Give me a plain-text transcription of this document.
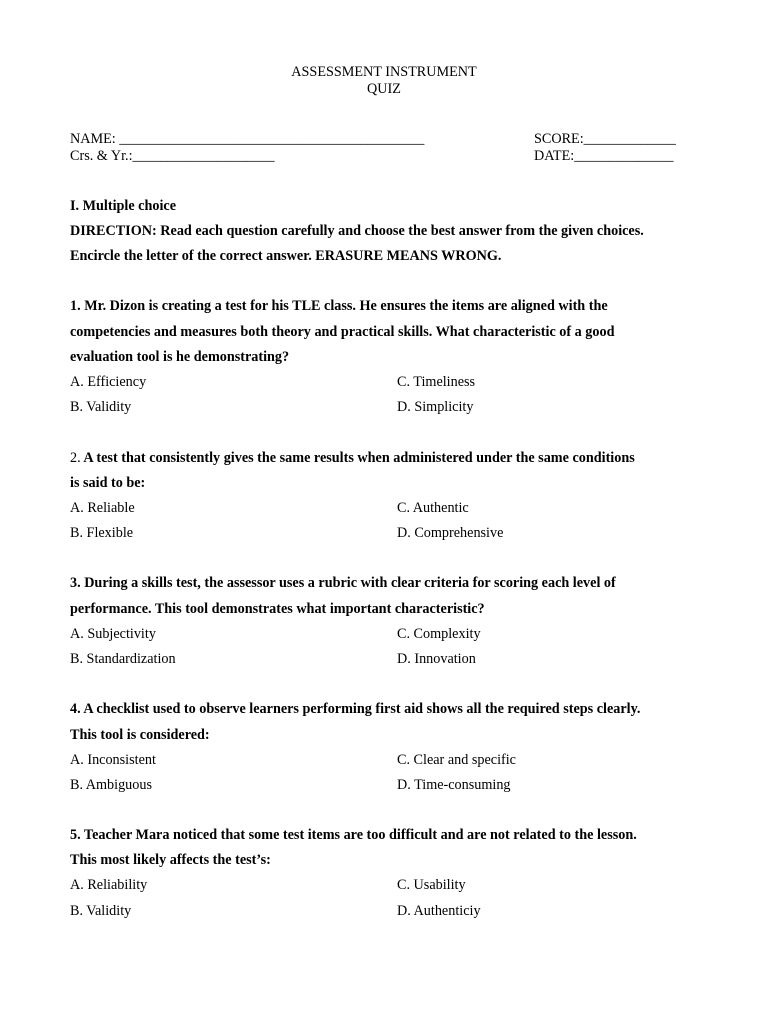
ASSESSMENT INSTRUMENT
QUIZ
NAME: ___________________________________________	SCORE:_____________
Crs. & Yr.:____________________	DATE:______________
I. Multiple choice
DIRECTION: Read each question carefully and choose the best answer from the given choices.
Encircle the letter of the correct answer. ERASURE MEANS WRONG.
1. Mr. Dizon is creating a test for his TLE class. He ensures the items are aligned with the
competencies and measures both theory and practical skills. What characteristic of a good
evaluation tool is he demonstrating?
A. Efficiency	C. Timeliness
B. Validity	D. Simplicity
2. A test that consistently gives the same results when administered under the same conditions
is said to be:
A. Reliable	C. Authentic
B. Flexible	D. Comprehensive
3. During a skills test, the assessor uses a rubric with clear criteria for scoring each level of
performance. This tool demonstrates what important characteristic?
A. Subjectivity	C. Complexity
B. Standardization	D. Innovation
4. A checklist used to observe learners performing first aid shows all the required steps clearly.
This tool is considered:
A. Inconsistent	C. Clear and specific
B. Ambiguous	D. Time-consuming
5. Teacher Mara noticed that some test items are too difficult and are not related to the lesson.
This most likely affects the test’s:
A. Reliability	C. Usability
B. Validity	D. Authenticiy
